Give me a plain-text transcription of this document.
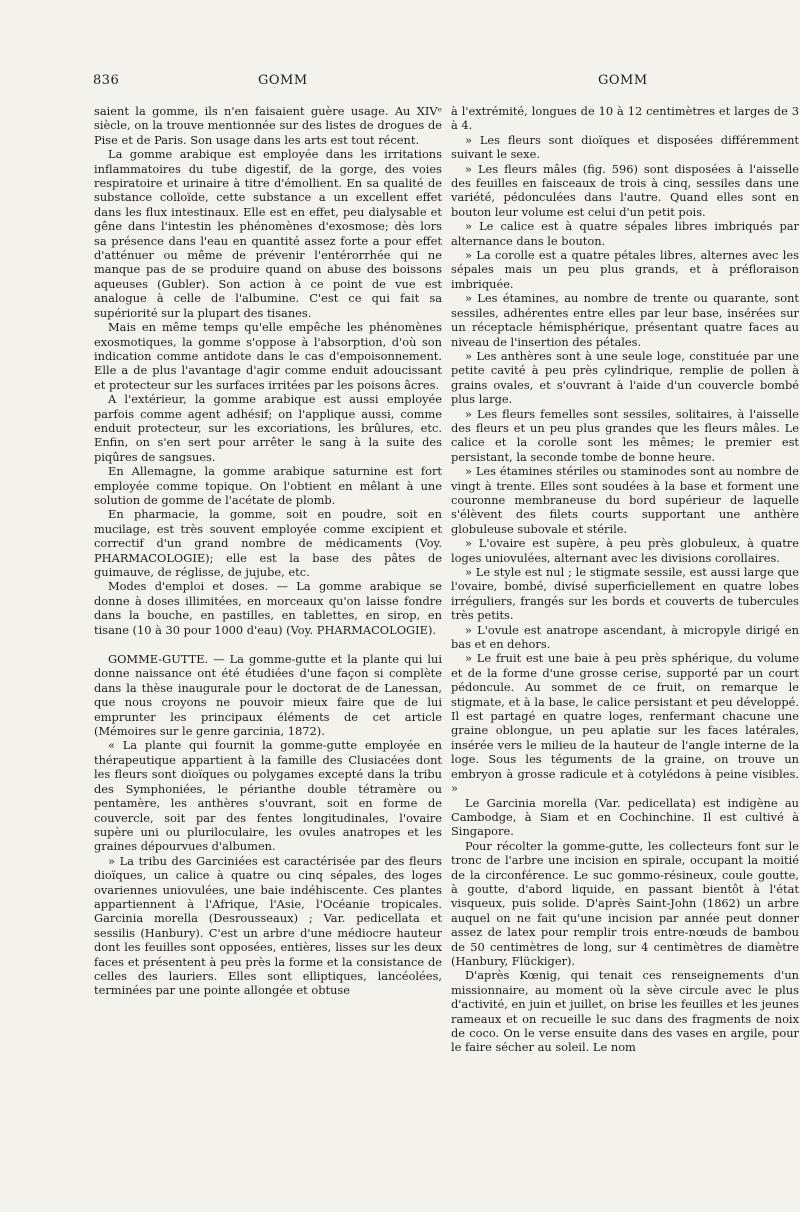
836	GOMM	GOMM

saient la gomme, ils n'en faisaient guère usage. Au XIVᵉ siècle, on la trouve mentionnée sur des listes de drogues de Pise et de Paris. Son usage dans les arts est tout récent.

La gomme arabique est employée dans les irritations inflammatoires du tube digestif, de la gorge, des voies respiratoire et urinaire à titre d'émollient. En sa qualité de substance colloïde, cette substance a un excellent effet dans les flux intestinaux. Elle est en effet, peu dialysable et gêne dans l'intestin les phénomènes d'exosmose; dès lors sa présence dans l'eau en quantité assez forte a pour effet d'atténuer ou même de prévenir l'entérorrhée qui ne manque pas de se produire quand on abuse des boissons aqueuses (Gubler). Son action à ce point de vue est analogue à celle de l'albumine. C'est ce qui fait sa supériorité sur la plupart des tisanes.

Mais en même temps qu'elle empêche les phénomènes exosmotiques, la gomme s'oppose à l'absorption, d'où son indication comme antidote dans le cas d'empoisonnement. Elle a de plus l'avantage d'agir comme enduit adoucissant et protecteur sur les surfaces irritées par les poisons âcres.

A l'extérieur, la gomme arabique est aussi employée parfois comme agent adhésif; on l'applique aussi, comme enduit protecteur, sur les excoriations, les brûlures, etc. Enfin, on s'en sert pour arrêter le sang à la suite des piqûres de sangsues.

En Allemagne, la gomme arabique saturnine est fort employée comme topique. On l'obtient en mêlant à une solution de gomme de l'acétate de plomb.

En pharmacie, la gomme, soit en poudre, soit en mucilage, est très souvent employée comme excipient et correctif d'un grand nombre de médicaments (Voy. PHARMACOLOGIE); elle est la base des pâtes de guimauve, de réglisse, de jujube, etc.

Modes d'emploi et doses. — La gomme arabique se donne à doses illimitées, en morceaux qu'on laisse fondre dans la bouche, en pastilles, en tablettes, en sirop, en tisane (10 à 30 pour 1000 d'eau) (Voy. PHARMACOLOGIE).

GOMME-GUTTE. — La gomme-gutte et la plante qui lui donne naissance ont été étudiées d'une façon si complète dans la thèse inaugurale pour le doctorat de de Lanessan, que nous croyons ne pouvoir mieux faire que de lui emprunter les principaux éléments de cet article (Mémoires sur le genre garcinia, 1872).

« La plante qui fournit la gomme-gutte employée en thérapeutique appartient à la famille des Clusiacées dont les fleurs sont dioïques ou polygames excepté dans la tribu des Symphoniées, le périanthe double tétramère ou pentamère, les anthères s'ouvrant, soit en forme de couvercle, soit par des fentes longitudinales, l'ovaire supère uni ou pluriloculaire, les ovules anatropes et les graines dépourvues d'albumen.

» La tribu des Garciniées est caractérisée par des fleurs dioïques, un calice à quatre ou cinq sépales, des loges ovariennes uniovulées, une baie indéhiscente. Ces plantes appartiennent à l'Afrique, l'Asie, l'Océanie tropicales. Garcinia morella (Desrousseaux) ; Var. pedicellata et sessilis (Hanbury). C'est un arbre d'une médiocre hauteur dont les feuilles sont opposées, entières, lisses sur les deux faces et présentent à peu près la forme et la consistance de celles des lauriers. Elles sont elliptiques, lancéolées, terminées par une pointe allongée et obtuse

à l'extrémité, longues de 10 à 12 centimètres et larges de 3 à 4.

» Les fleurs sont dioïques et disposées différemment suivant le sexe.

» Les fleurs mâles (fig. 596) sont disposées à l'aisselle des feuilles en faisceaux de trois à cinq, sessiles dans une variété, pédonculées dans l'autre. Quand elles sont en bouton leur volume est celui d'un petit pois.

» Le calice est à quatre sépales libres imbriqués par alternance dans le bouton.

» La corolle est a quatre pétales libres, alternes avec les sépales mais un peu plus grands, et à préfloraison imbriquée.

» Les étamines, au nombre de trente ou quarante, sont sessiles, adhérentes entre elles par leur base, insérées sur un réceptacle hémisphérique, présentant quatre faces au niveau de l'insertion des pétales.

» Les anthères sont à une seule loge, constituée par une petite cavité à peu près cylindrique, remplie de pollen à grains ovales, et s'ouvrant à l'aide d'un couvercle bombé plus large.

» Les fleurs femelles sont sessiles, solitaires, à l'aisselle des fleurs et un peu plus grandes que les fleurs mâles. Le calice et la corolle sont les mêmes; le premier est persistant, la seconde tombe de bonne heure.

» Les étamines stériles ou staminodes sont au nombre de vingt à trente. Elles sont soudées à la base et forment une couronne membraneuse du bord supérieur de laquelle s'élèvent des filets courts supportant une anthère globuleuse subovale et stérile.

» L'ovaire est supère, à peu près globuleux, à quatre loges uniovulées, alternant avec les divisions corollaires.

» Le style est nul ; le stigmate sessile, est aussi large que l'ovaire, bombé, divisé superficiellement en quatre lobes irréguliers, frangés sur les bords et couverts de tubercules très petits.

» L'ovule est anatrope ascendant, à micropyle dirigé en bas et en dehors.

» Le fruit est une baie à peu près sphérique, du volume et de la forme d'une grosse cerise, supporté par un court pédoncule. Au sommet de ce fruit, on remarque le stigmate, et à la base, le calice persistant et peu développé. Il est partagé en quatre loges, renfermant chacune une graine oblongue, un peu aplatie sur les faces latérales, insérée vers le milieu de la hauteur de l'angle interne de la loge. Sous les téguments de la graine, on trouve un embryon à grosse radicule et à cotylédons à peine visibles. »

Le Garcinia morella (Var. pedicellata) est indigène au Cambodge, à Siam et en Cochinchine. Il est cultivé à Singapore.

Pour récolter la gomme-gutte, les collecteurs font sur le tronc de l'arbre une incision en spirale, occupant la moitié de la circonférence. Le suc gommo-résineux, coule goutte, à goutte, d'abord liquide, en passant bientôt à l'état visqueux, puis solide. D'après Saint-John (1862) un arbre auquel on ne fait qu'une incision par année peut donner assez de latex pour remplir trois entre-nœuds de bambou de 50 centimètres de long, sur 4 centimètres de diamètre (Hanbury, Flückiger).

D'après Kœnig, qui tenait ces renseignements d'un missionnaire, au moment où la sève circule avec le plus d'activité, en juin et juillet, on brise les feuilles et les jeunes rameaux et on recueille le suc dans des fragments de noix de coco. On le verse ensuite dans des vases en argile, pour le faire sécher au soleil. Le nom
